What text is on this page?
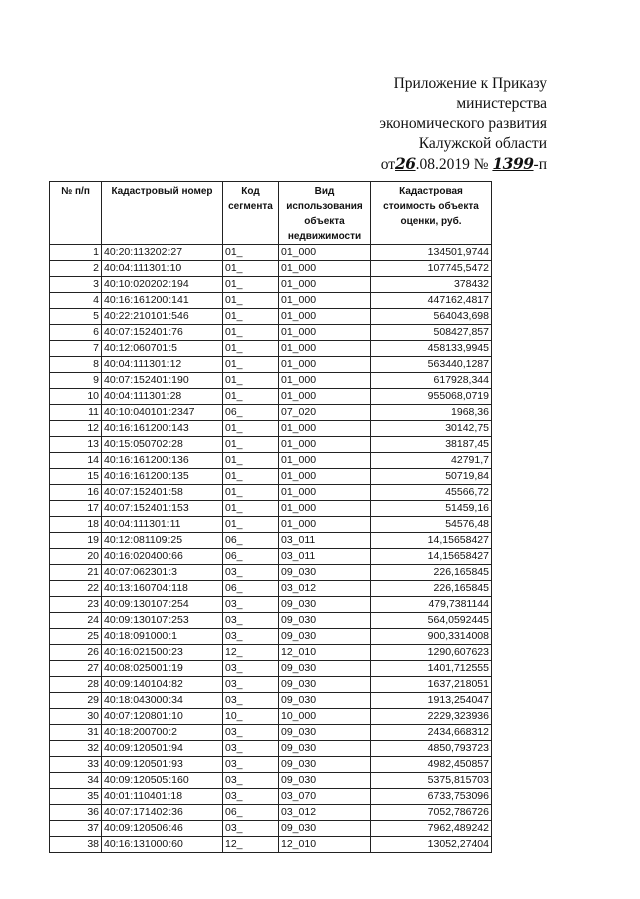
Приложение к Приказу
министерства
экономического развития
Калужской области
от26.08.2019 № 1399-п
№ п/п	Кадастровый номер	Код сегмента	Вид использования объекта недвижимости	Кадастровая стоимость объекта оценки, руб.
1	40:20:113202:27	01_	01_000	134501,9744
2	40:04:111301:10	01_	01_000	107745,5472
3	40:10:020202:194	01_	01_000	378432
4	40:16:161200:141	01_	01_000	447162,4817
5	40:22:210101:546	01_	01_000	564043,698
6	40:07:152401:76	01_	01_000	508427,857
7	40:12:060701:5	01_	01_000	458133,9945
8	40:04:111301:12	01_	01_000	563440,1287
9	40:07:152401:190	01_	01_000	617928,344
10	40:04:111301:28	01_	01_000	955068,0719
11	40:10:040101:2347	06_	07_020	1968,36
12	40:16:161200:143	01_	01_000	30142,75
13	40:15:050702:28	01_	01_000	38187,45
14	40:16:161200:136	01_	01_000	42791,7
15	40:16:161200:135	01_	01_000	50719,84
16	40:07:152401:58	01_	01_000	45566,72
17	40:07:152401:153	01_	01_000	51459,16
18	40:04:111301:11	01_	01_000	54576,48
19	40:12:081109:25	06_	03_011	14,15658427
20	40:16:020400:66	06_	03_011	14,15658427
21	40:07:062301:3	03_	09_030	226,165845
22	40:13:160704:118	06_	03_012	226,165845
23	40:09:130107:254	03_	09_030	479,7381144
24	40:09:130107:253	03_	09_030	564,0592445
25	40:18:091000:1	03_	09_030	900,3314008
26	40:16:021500:23	12_	12_010	1290,607623
27	40:08:025001:19	03_	09_030	1401,712555
28	40:09:140104:82	03_	09_030	1637,218051
29	40:18:043000:34	03_	09_030	1913,254047
30	40:07:120801:10	10_	10_000	2229,323936
31	40:18:200700:2	03_	09_030	2434,668312
32	40:09:120501:94	03_	09_030	4850,793723
33	40:09:120501:93	03_	09_030	4982,450857
34	40:09:120505:160	03_	09_030	5375,815703
35	40:01:110401:18	03_	03_070	6733,753096
36	40:07:171402:36	06_	03_012	7052,786726
37	40:09:120506:46	03_	09_030	7962,489242
38	40:16:131000:60	12_	12_010	13052,27404
